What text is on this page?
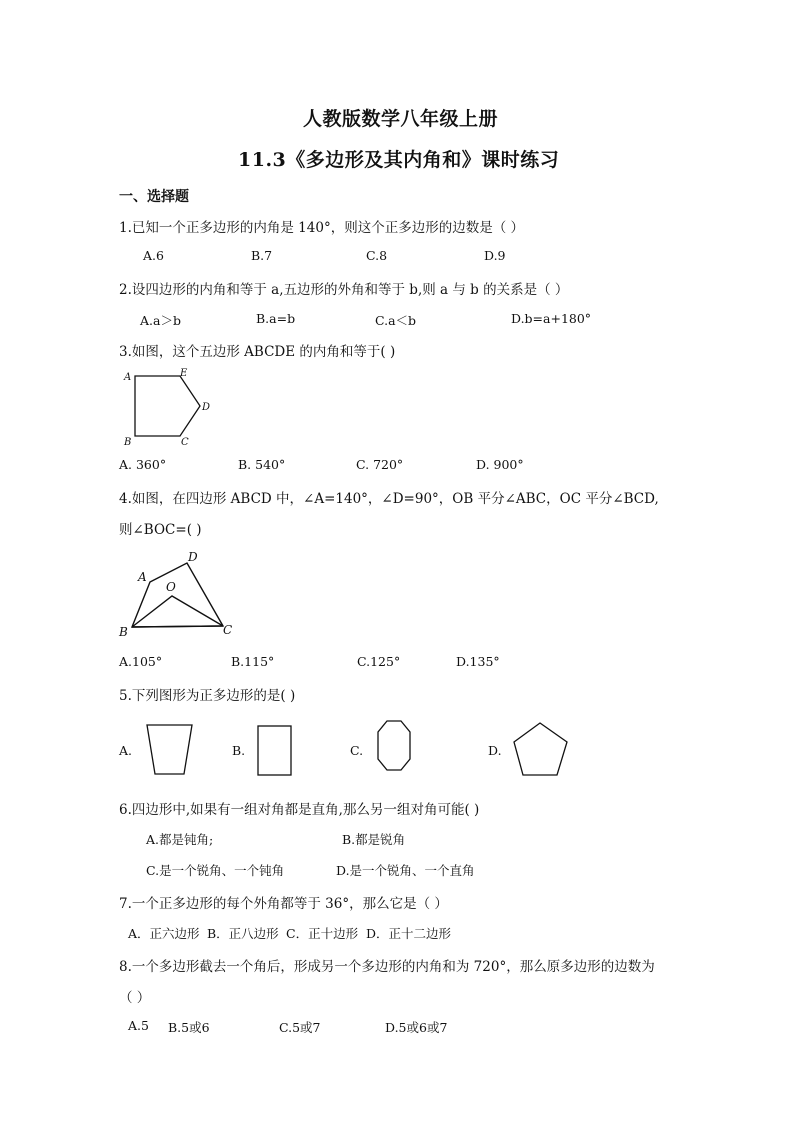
人教版数学八年级上册
11.3《多边形及其内角和》课时练习
一、选择题
1.已知一个正多边形的内角是 140°，则这个正多边形的边数是（ ）
A.6	B.7	C.8	D.9
2.设四边形的内角和等于 a,五边形的外角和等于 b,则 a 与 b 的关系是（ ）
A.a＞b	B.a=b	C.a＜b	D.b=a+180°
3.如图，这个五边形 ABCDE 的内角和等于( )
A	E
D
B	C
A. 360°	B. 540°	C. 720°	D. 900°
4.如图，在四边形 ABCD 中，∠A=140°，∠D=90°，OB 平分∠ABC，OC 平分∠BCD,
则∠BOC=( )
D
A
O
B	C
A.105°	B.115°	C.125°	D.135°
5.下列图形为正多边形的是( )
A.	B.	C.	D.
6.四边形中,如果有一组对角都是直角,那么另一组对角可能( )
A.都是钝角;	B.都是锐角
C.是一个锐角、一个钝角	D.是一个锐角、一个直角
7.一个正多边形的每个外角都等于 36°，那么它是（ ）
A．正六边形 B．正八边形 C．正十边形 D．正十二边形
8.一个多边形截去一个角后，形成另一个多边形的内角和为 720°，那么原多边形的边数为
（ ）
A.5 B.5或6	C.5或7	D.5或6或7
